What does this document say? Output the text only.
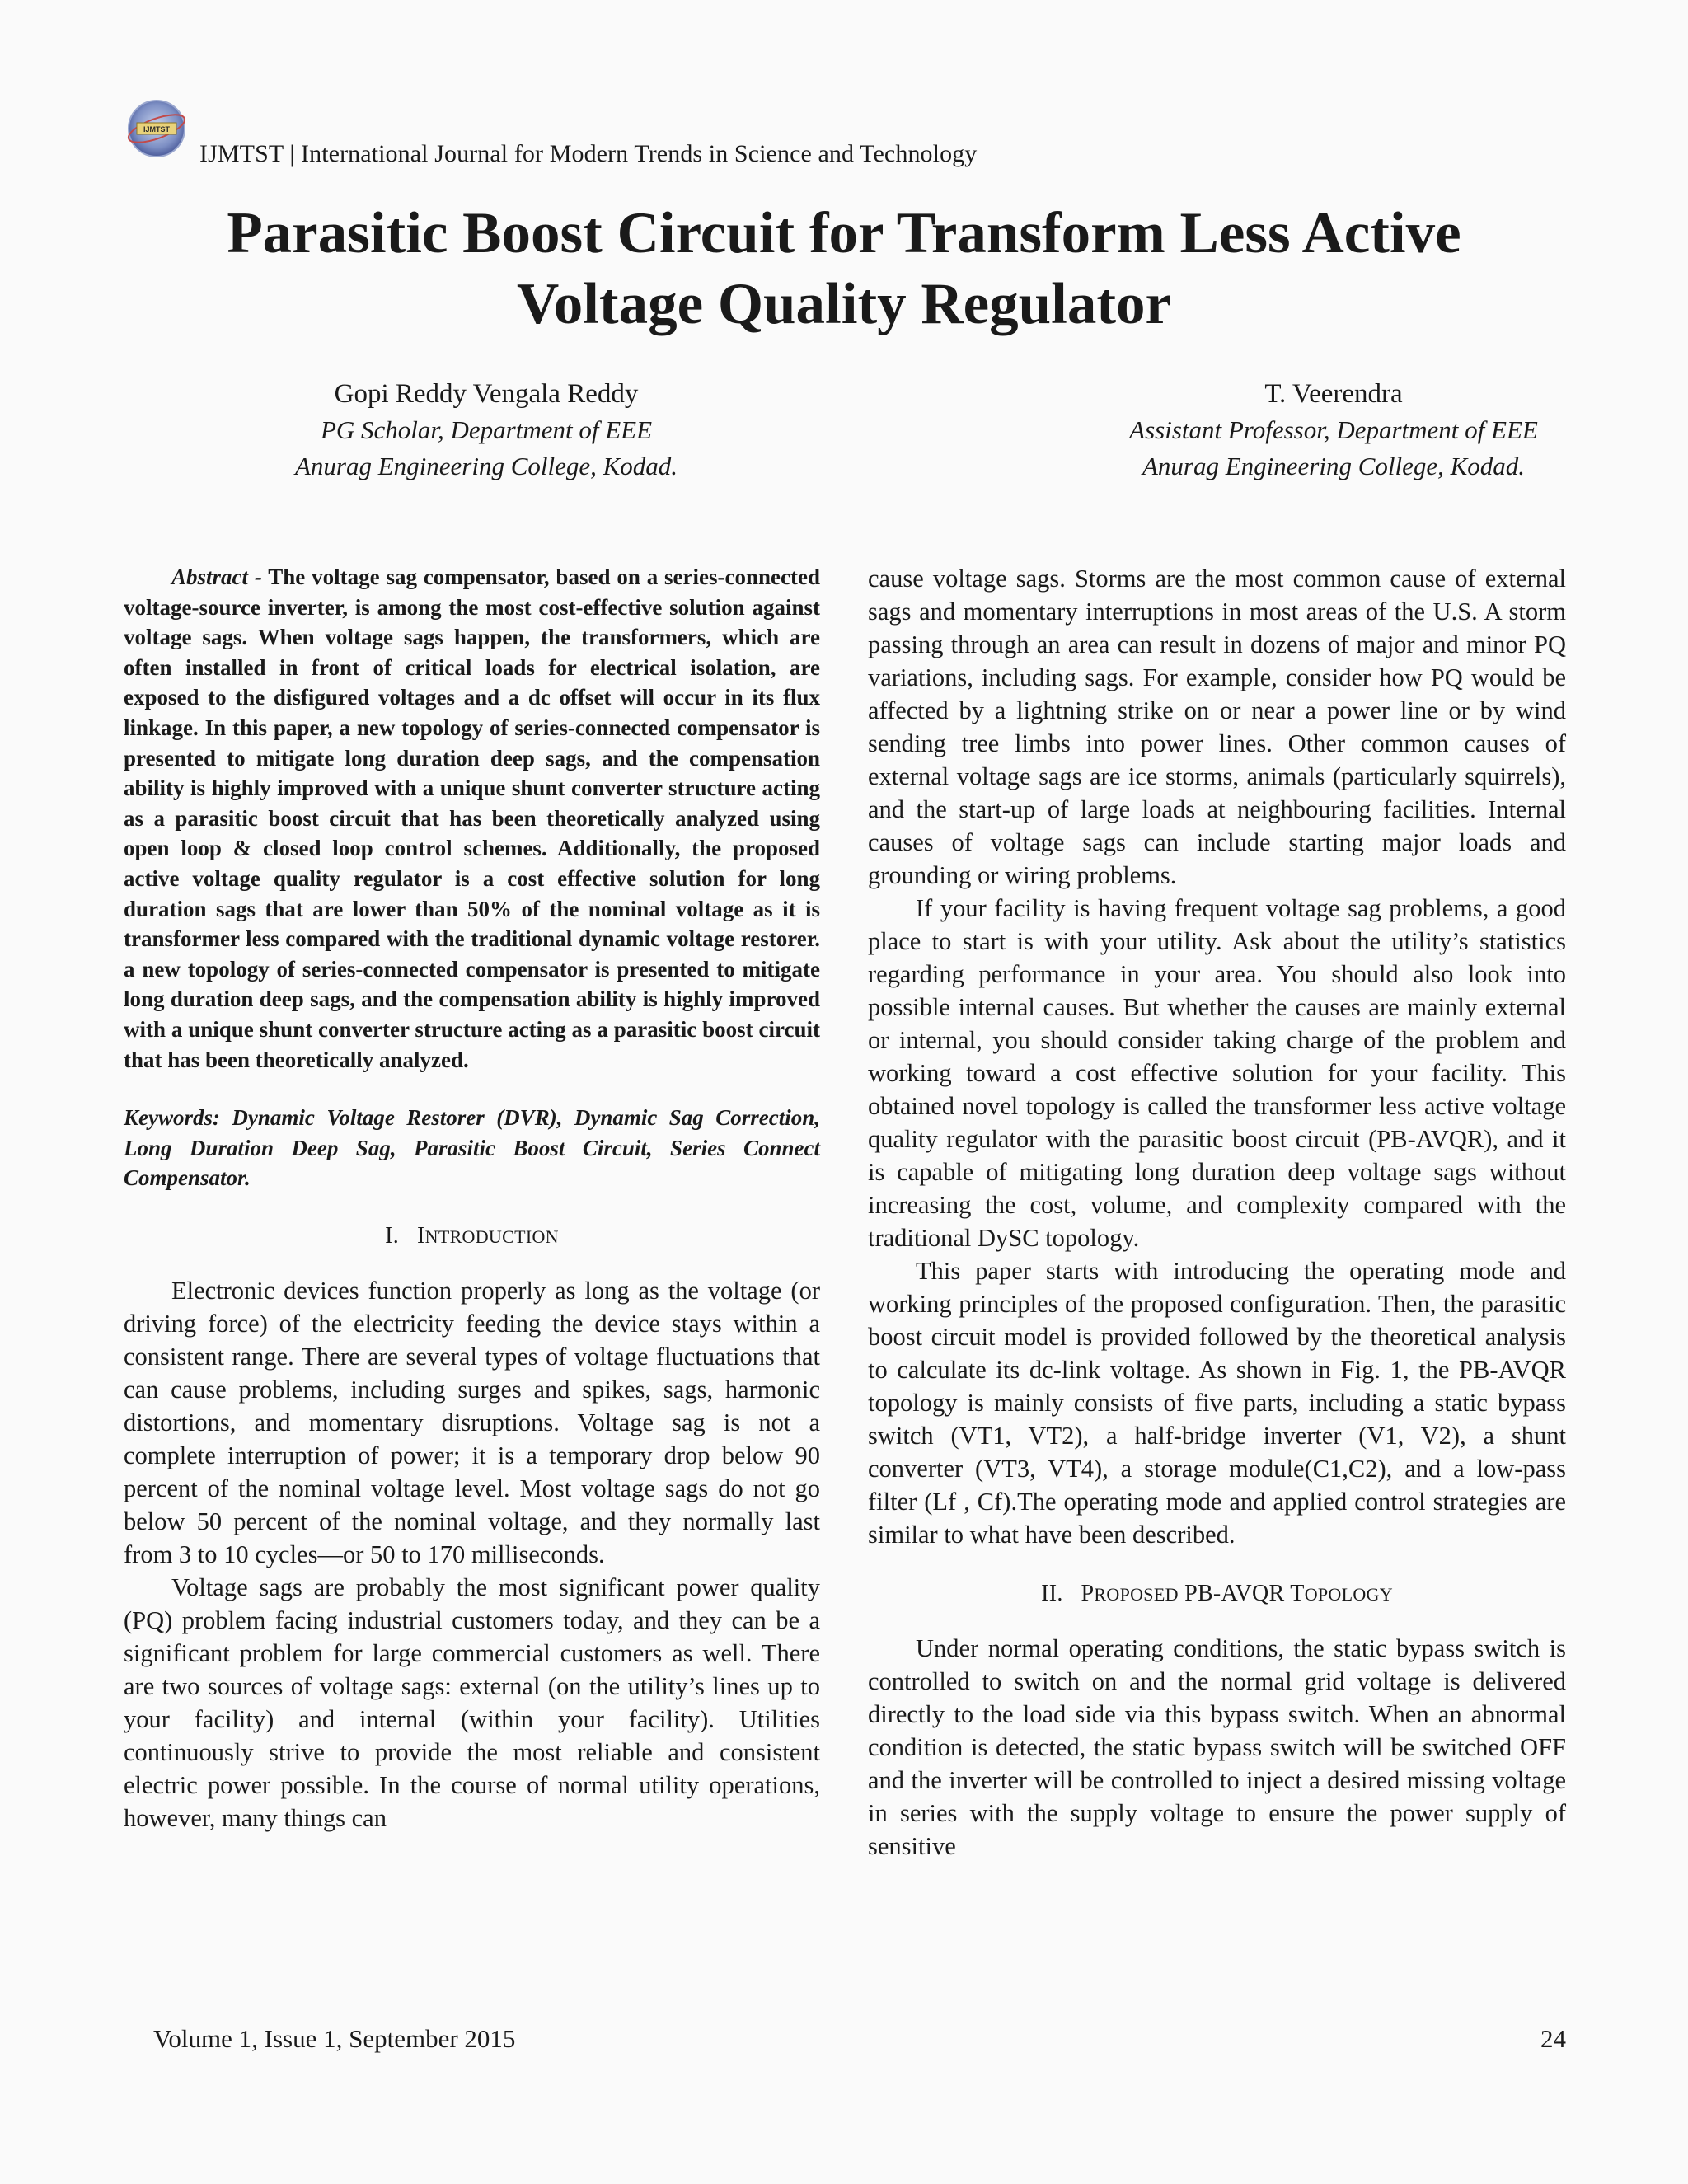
IJMTST
IJMTST | International Journal for Modern Trends in Science and Technology
Parasitic Boost Circuit for Transform Less Active
Voltage Quality Regulator
Gopi Reddy Vengala Reddy
PG Scholar, Department of EEE
Anurag Engineering College, Kodad.
T. Veerendra
Assistant Professor, Department of EEE
Anurag Engineering College, Kodad.

Abstract - The voltage sag compensator, based on a series-connected voltage-source inverter, is among the most cost-effective solution against voltage sags. When voltage sags happen, the transformers, which are often installed in front of critical loads for electrical isolation, are exposed to the disfigured voltages and a dc offset will occur in its flux linkage. In this paper, a new topology of series-connected compensator is presented to mitigate long duration deep sags, and the compensation ability is highly improved with a unique shunt converter structure acting as a parasitic boost circuit that has been theoretically analyzed using open loop & closed loop control schemes. Additionally, the proposed active voltage quality regulator is a cost effective solution for long duration sags that are lower than 50% of the nominal voltage as it is transformer less compared with the traditional dynamic voltage restorer. a new topology of series-connected compensator is presented to mitigate long duration deep sags, and the compensation ability is highly improved with a unique shunt converter structure acting as a parasitic boost circuit that has been theoretically analyzed.

Keywords: Dynamic Voltage Restorer (DVR), Dynamic Sag Correction, Long Duration Deep Sag, Parasitic Boost Circuit, Series Connect Compensator.

I. INTRODUCTION

Electronic devices function properly as long as the voltage (or driving force) of the electricity feeding the device stays within a consistent range. There are several types of voltage fluctuations that can cause problems, including surges and spikes, sags, harmonic distortions, and momentary disruptions. Voltage sag is not a complete interruption of power; it is a temporary drop below 90 percent of the nominal voltage level. Most voltage sags do not go below 50 percent of the nominal voltage, and they normally last from 3 to 10 cycles—or 50 to 170 milliseconds.

Voltage sags are probably the most significant power quality (PQ) problem facing industrial customers today, and they can be a significant problem for large commercial customers as well. There are two sources of voltage sags: external (on the utility’s lines up to your facility) and internal (within your facility). Utilities continuously strive to provide the most reliable and consistent electric power possible. In the course of normal utility operations, however, many things can

cause voltage sags. Storms are the most common cause of external sags and momentary interruptions in most areas of the U.S. A storm passing through an area can result in dozens of major and minor PQ variations, including sags. For example, consider how PQ would be affected by a lightning strike on or near a power line or by wind sending tree limbs into power lines. Other common causes of external voltage sags are ice storms, animals (particularly squirrels), and the start-up of large loads at neighbouring facilities. Internal causes of voltage sags can include starting major loads and grounding or wiring problems.

If your facility is having frequent voltage sag problems, a good place to start is with your utility. Ask about the utility’s statistics regarding performance in your area. You should also look into possible internal causes. But whether the causes are mainly external or internal, you should consider taking charge of the problem and working toward a cost effective solution for your facility. This obtained novel topology is called the transformer less active voltage quality regulator with the parasitic boost circuit (PB-AVQR), and it is capable of mitigating long duration deep voltage sags without increasing the cost, volume, and complexity compared with the traditional DySC topology.

This paper starts with introducing the operating mode and working principles of the proposed configuration. Then, the parasitic boost circuit model is provided followed by the theoretical analysis to calculate its dc-link voltage. As shown in Fig. 1, the PB-AVQR topology is mainly consists of five parts, including a static bypass switch (VT1, VT2), a half-bridge inverter (V1, V2), a shunt converter (VT3, VT4), a storage module(C1,C2), and a low-pass filter (Lf , Cf).The operating mode and applied control strategies are similar to what have been described.

II. PROPOSED PB-AVQR TOPOLOGY

Under normal operating conditions, the static bypass switch is controlled to switch on and the normal grid voltage is delivered directly to the load side via this bypass switch. When an abnormal condition is detected, the static bypass switch will be switched OFF and the inverter will be controlled to inject a desired missing voltage in series with the supply voltage to ensure the power supply of sensitive

Volume 1, Issue 1, September 2015	24
